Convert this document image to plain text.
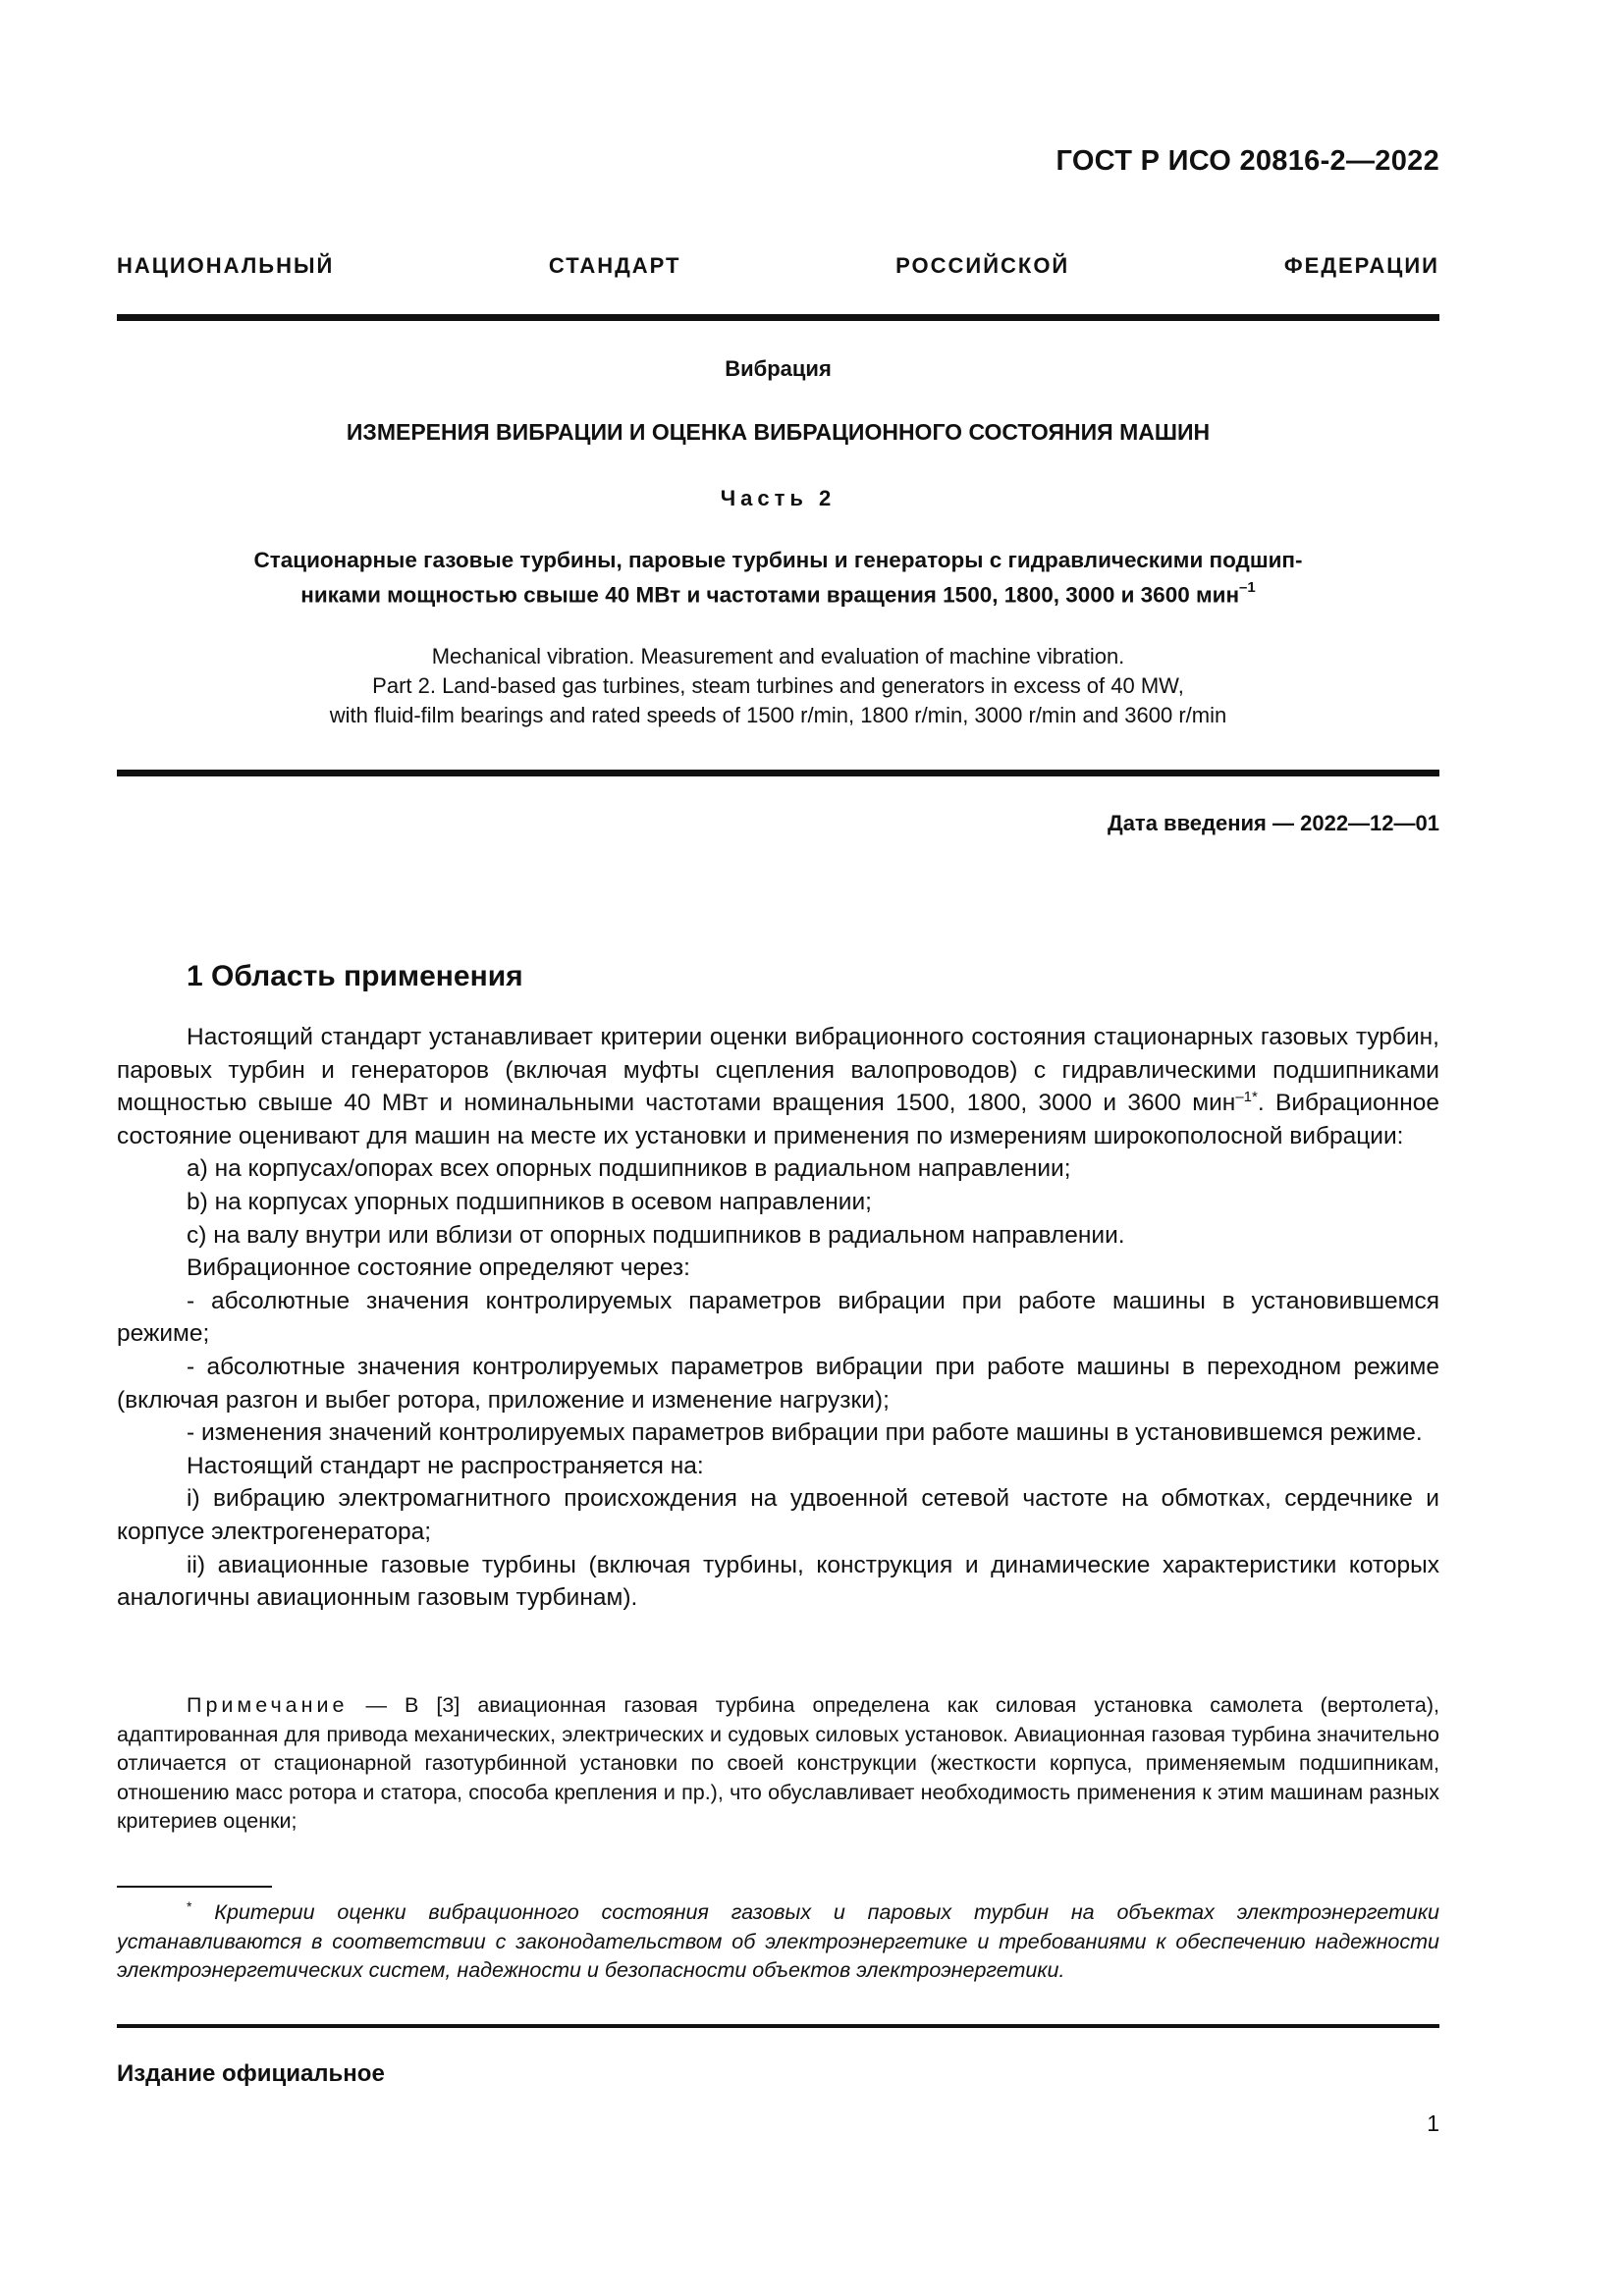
ГОСТ Р ИСО 20816-2—2022
НАЦИОНАЛЬНЫЙ СТАНДАРТ РОССИЙСКОЙ ФЕДЕРАЦИИ
Вибрация
ИЗМЕРЕНИЯ ВИБРАЦИИ И ОЦЕНКА ВИБРАЦИОННОГО СОСТОЯНИЯ МАШИН
Часть 2
Стационарные газовые турбины, паровые турбины и генераторы с гидравлическими подшип-
никами мощностью свыше 40 МВт и частотами вращения 1500, 1800, 3000 и 3600 мин$^{-1}$
Mechanical vibration. Measurement and evaluation of machine vibration.
Part 2. Land-based gas turbines, steam turbines and generators in excess of 40 MW,
with fluid-film bearings and rated speeds of 1500 r/min, 1800 r/min, 3000 r/min and 3600 r/min
Дата введения — 2022—12—01
1 Область применения

Настоящий стандарт устанавливает критерии оценки вибрационного состояния стационарных газовых турбин, паровых турбин и генераторов (включая муфты сцепления валопроводов) с гидравлическими подшипниками мощностью свыше 40 МВт и номинальными частотами вращения 1500, 1800, 3000 и 3600 мин$^{-1*}$. Вибрационное состояние оценивают для машин на месте их установки и применения по измерениям широкополосной вибрации:

a) на корпусах/опорах всех опорных подшипников в радиальном направлении;

b) на корпусах упорных подшипников в осевом направлении;

c) на валу внутри или вблизи от опорных подшипников в радиальном направлении.

Вибрационное состояние определяют через:

- абсолютные значения контролируемых параметров вибрации при работе машины в установившемся режиме;

- абсолютные значения контролируемых параметров вибрации при работе машины в переходном режиме (включая разгон и выбег ротора, приложение и изменение нагрузки);

- изменения значений контролируемых параметров вибрации при работе машины в установившемся режиме.

Настоящий стандарт не распространяется на:

i) вибрацию электромагнитного происхождения на удвоенной сетевой частоте на обмотках, сердечнике и корпусе электрогенератора;

ii) авиационные газовые турбины (включая турбины, конструкция и динамические характеристики которых аналогичны авиационным газовым турбинам).

Примечание — В [3] авиационная газовая турбина определена как силовая установка самолета (вертолета), адаптированная для привода механических, электрических и судовых силовых установок. Авиационная газовая турбина значительно отличается от стационарной газотурбинной установки по своей конструкции (жесткости корпуса, применяемым подшипникам, отношению масс ротора и статора, способа крепления и пр.), что обуславливает необходимость применения к этим машинам разных критериев оценки;
* Критерии оценки вибрационного состояния газовых и паровых турбин на объектах электроэнергетики устанавливаются в соответствии с законодательством об электроэнергетике и требованиями к обеспечению надежности электроэнергетических систем, надежности и безопасности объектов электроэнергетики.
Издание официальное
1
